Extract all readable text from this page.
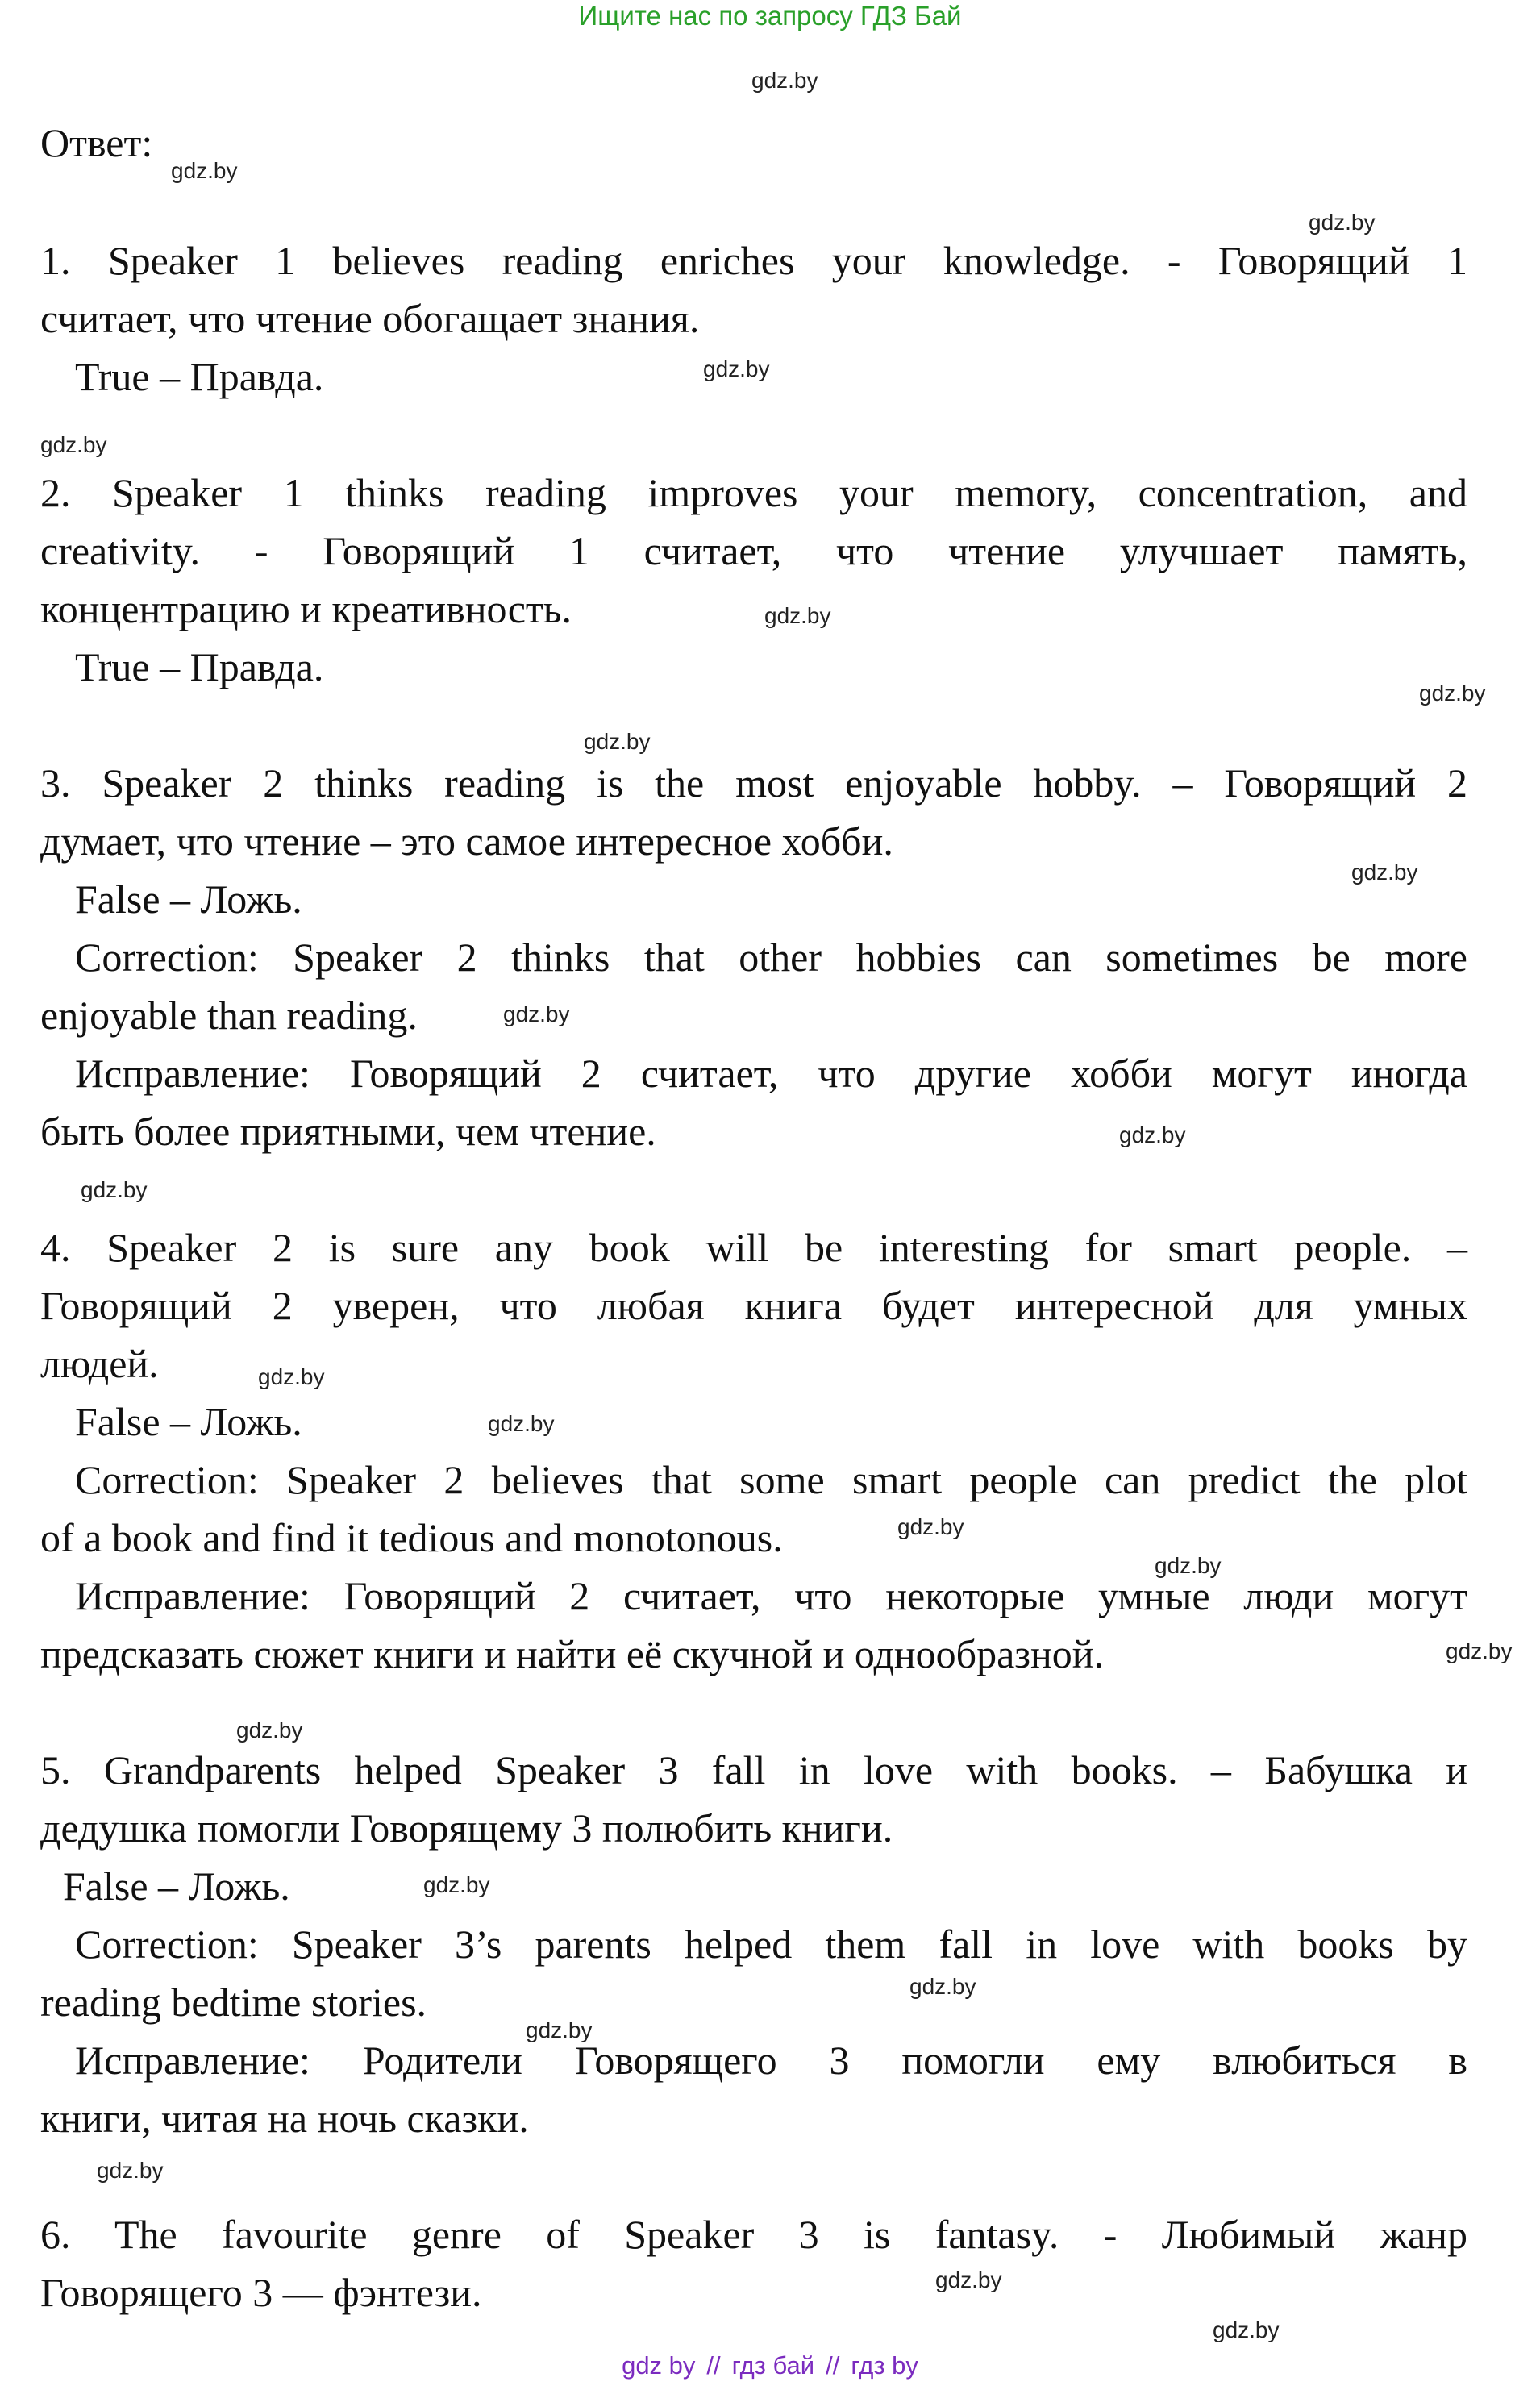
Ищите нас по запросу ГДЗ Бай
Ответ:
1. Speaker 1 believes reading enriches your knowledge. - Говорящий 1
считает, что чтение обогащает знания.
True – Правда.
2. Speaker 1 thinks reading improves your memory, concentration, and
creativity. - Говорящий 1 считает, что чтение улучшает память,
концентрацию и креативность.
True – Правда.
3. Speaker 2 thinks reading is the most enjoyable hobby. – Говорящий 2
думает, что чтение – это самое интересное хобби.
False – Ложь.
Correction: Speaker 2 thinks that other hobbies can sometimes be more
enjoyable than reading.
Исправление: Говорящий 2 считает, что другие хобби могут иногда
быть более приятными, чем чтение.
4. Speaker 2 is sure any book will be interesting for smart people. –
Говорящий 2 уверен, что любая книга будет интересной для умных
людей.
False – Ложь.
Correction: Speaker 2 believes that some smart people can predict the plot
of a book and find it tedious and monotonous.
Исправление: Говорящий 2 считает, что некоторые умные люди могут
предсказать сюжет книги и найти её скучной и однообразной.
5. Grandparents helped Speaker 3 fall in love with books. – Бабушка и
дедушка помогли Говорящему 3 полюбить книги.
False – Ложь.
Correction: Speaker 3’s parents helped them fall in love with books by
reading bedtime stories.
Исправление: Родители Говорящего 3 помогли ему влюбиться в
книги, читая на ночь сказки.
6. The favourite genre of Speaker 3 is fantasy. - Любимый жанр
Говорящего 3 — фэнтези.
gdz.by
gdz.by
gdz.by
gdz.by
gdz.by
gdz.by
gdz.by
gdz.by
gdz.by
gdz.by
gdz.by
gdz.by
gdz.by
gdz.by
gdz.by
gdz.by
gdz.by
gdz.by
gdz.by
gdz.by
gdz.by
gdz.by
gdz.by
gdz.by
gdz by // гдз бай // гдз by
